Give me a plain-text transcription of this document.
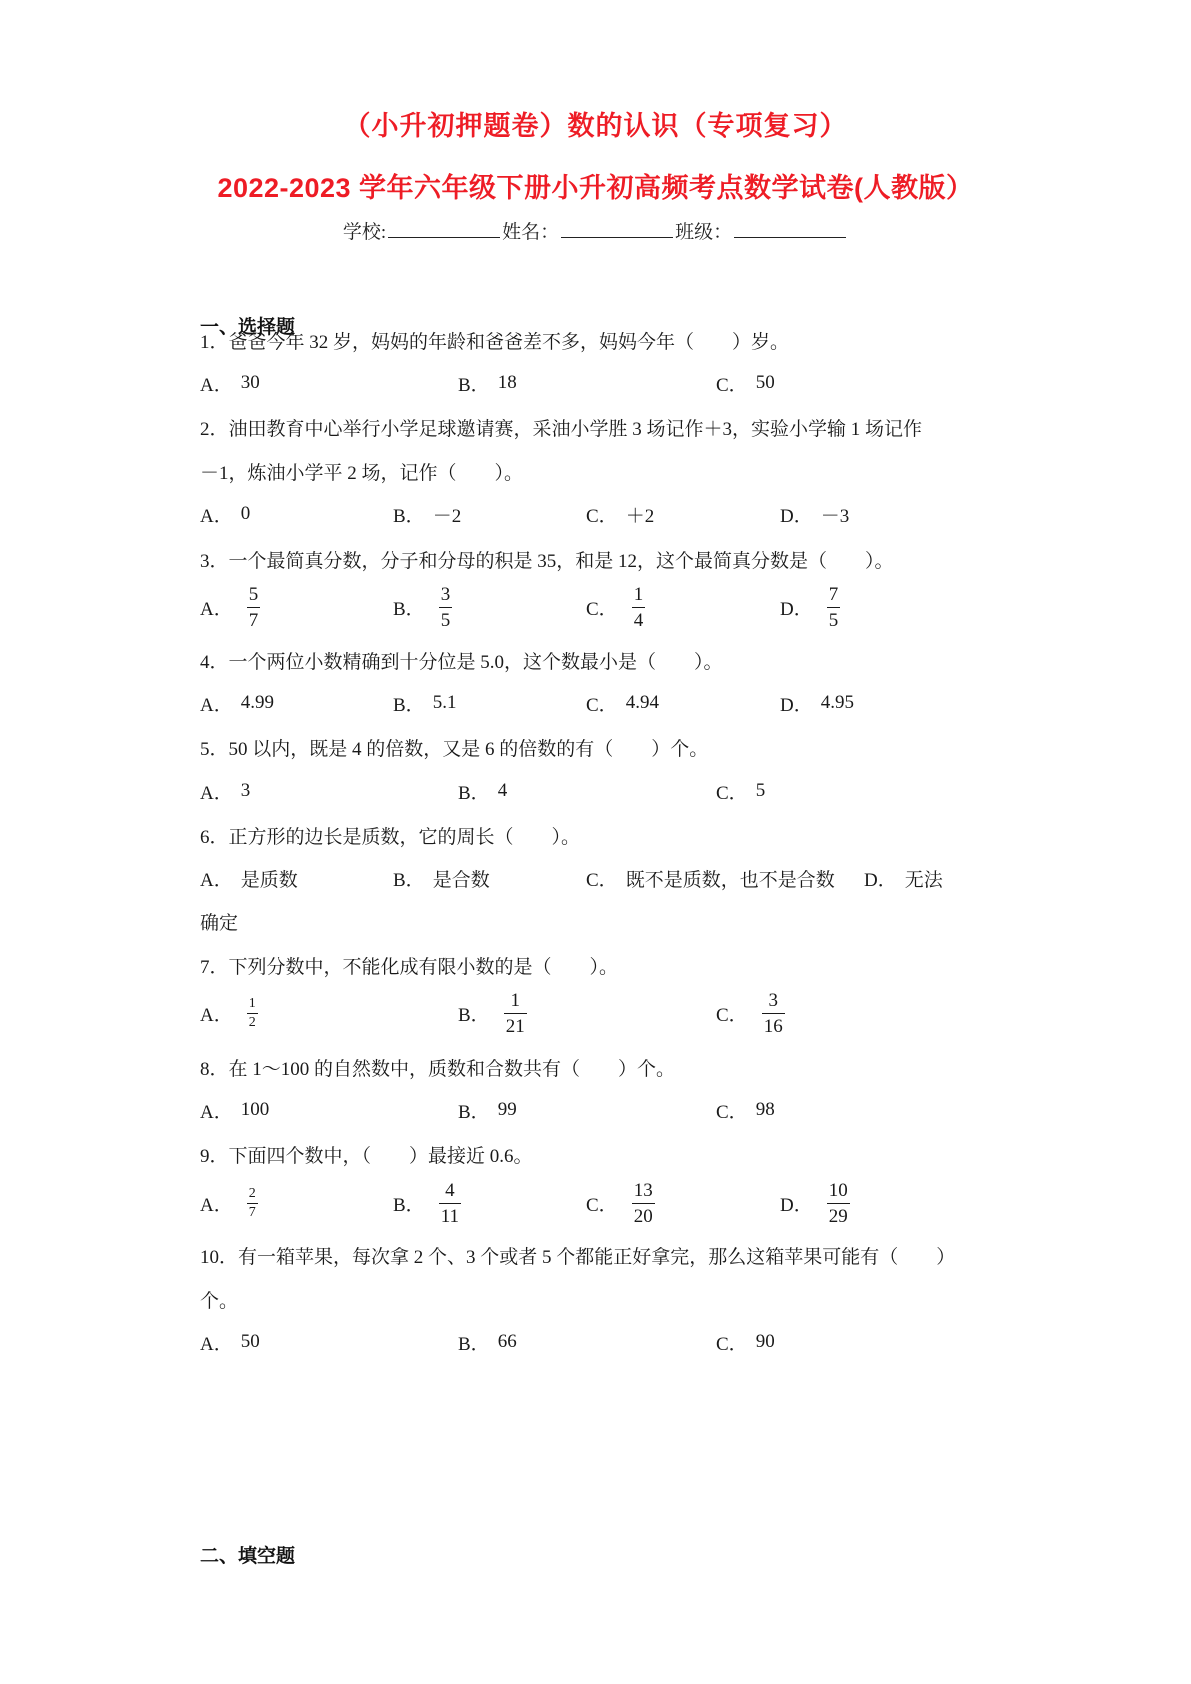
（小升初押题卷）数的认识（专项复习）
2022-2023 学年六年级下册小升初高频考点数学试卷(人教版）
学校:	姓名：	班级：
一、选择题
1．爸爸今年 32 岁，妈妈的年龄和爸爸差不多，妈妈今年（　　）岁。
A． 30	B． 18	C． 50
2．油田教育中心举行小学足球邀请赛，采油小学胜 3 场记作＋3，实验小学输 1 场记作
－1，炼油小学平 2 场，记作（　　）。
A． 0	B． －2	C． ＋2	D． －3
3．一个最简真分数，分子和分母的积是 35，和是 12，这个最简真分数是（　　）。
A． $\frac{5}{7}$	B． $\frac{3}{5}$	C． $\frac{1}{4}$	D． $\frac{7}{5}$
4．一个两位小数精确到十分位是 5.0，这个数最小是（　　）。
A． 4.99	B． 5.1	C． 4.94	D． 4.95
5．50 以内，既是 4 的倍数，又是 6 的倍数的有（　　）个。
A． 3	B． 4	C． 5
6．正方形的边长是质数，它的周长（　　）。
A． 是质数	B． 是合数	C． 既不是质数，也不是合数 D． 无法
确定
7．下列分数中，不能化成有限小数的是（　　）。
A． $\frac{1}{2}$	B． $\frac{1}{21}$	C． $\frac{3}{16}$
8．在 1～100 的自然数中，质数和合数共有（　　）个。
A． 100	B． 99	C． 98
9．下面四个数中，（　　）最接近 0.6。
A． $\frac{2}{7}$	B． $\frac{4}{11}$	C． $\frac{13}{20}$	D． $\frac{10}{29}$
10．有一箱苹果，每次拿 2 个、3 个或者 5 个都能正好拿完，那么这箱苹果可能有（　　）
个。
A． 50	B． 66	C． 90
二、填空题
